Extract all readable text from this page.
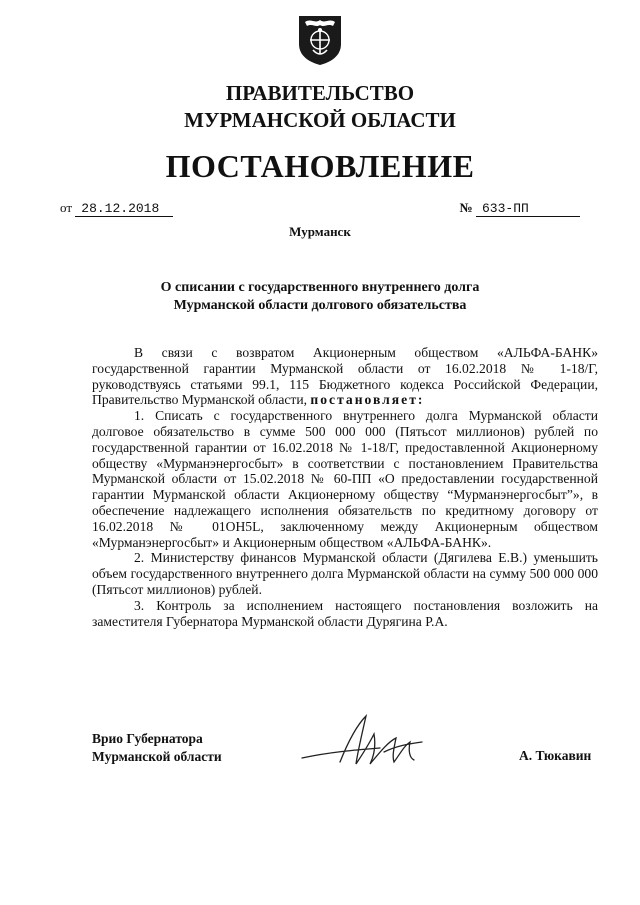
ПРАВИТЕЛЬСТВО
МУРМАНСКОЙ ОБЛАСТИ
ПОСТАНОВЛЕНИЕ
от 28.12.2018	№ 633-ПП
Мурманск
О списании с государственного внутреннего долга
Мурманской области долгового обязательства

В связи с возвратом Акционерным обществом «АЛЬФА-БАНК» государственной гарантии Мурманской области от 16.02.2018 № 1-18/Г, руководствуясь статьями 99.1, 115 Бюджетного кодекса Российской Федерации, Правительство Мурманской области, постановляет:

1. Списать с государственного внутреннего долга Мурманской области долговое обязательство в сумме 500 000 000 (Пятьсот миллионов) рублей по государственной гарантии от 16.02.2018 № 1-18/Г, предоставленной Акционерному обществу «Мурманэнергосбыт» в соответствии с постановлением Правительства Мурманской области от 15.02.2018 № 60-ПП «О предоставлении государственной гарантии Мурманской области Акционерному обществу “Мурманэнергосбыт”», в обеспечение надлежащего исполнения обязательств по кредитному договору от 16.02.2018 № 01OH5L, заключенному между Акционерным обществом «Мурманэнергосбыт» и Акционерным обществом «АЛЬФА-БАНК».

2. Министерству финансов Мурманской области (Дягилева Е.В.) уменьшить объем государственного внутреннего долга Мурманской области на сумму 500 000 000 (Пятьсот миллионов) рублей.

3. Контроль за исполнением настоящего постановления возложить на заместителя Губернатора Мурманской области Дурягина Р.А.

Врио Губернатора
Мурманской области	А. Тюкавин
